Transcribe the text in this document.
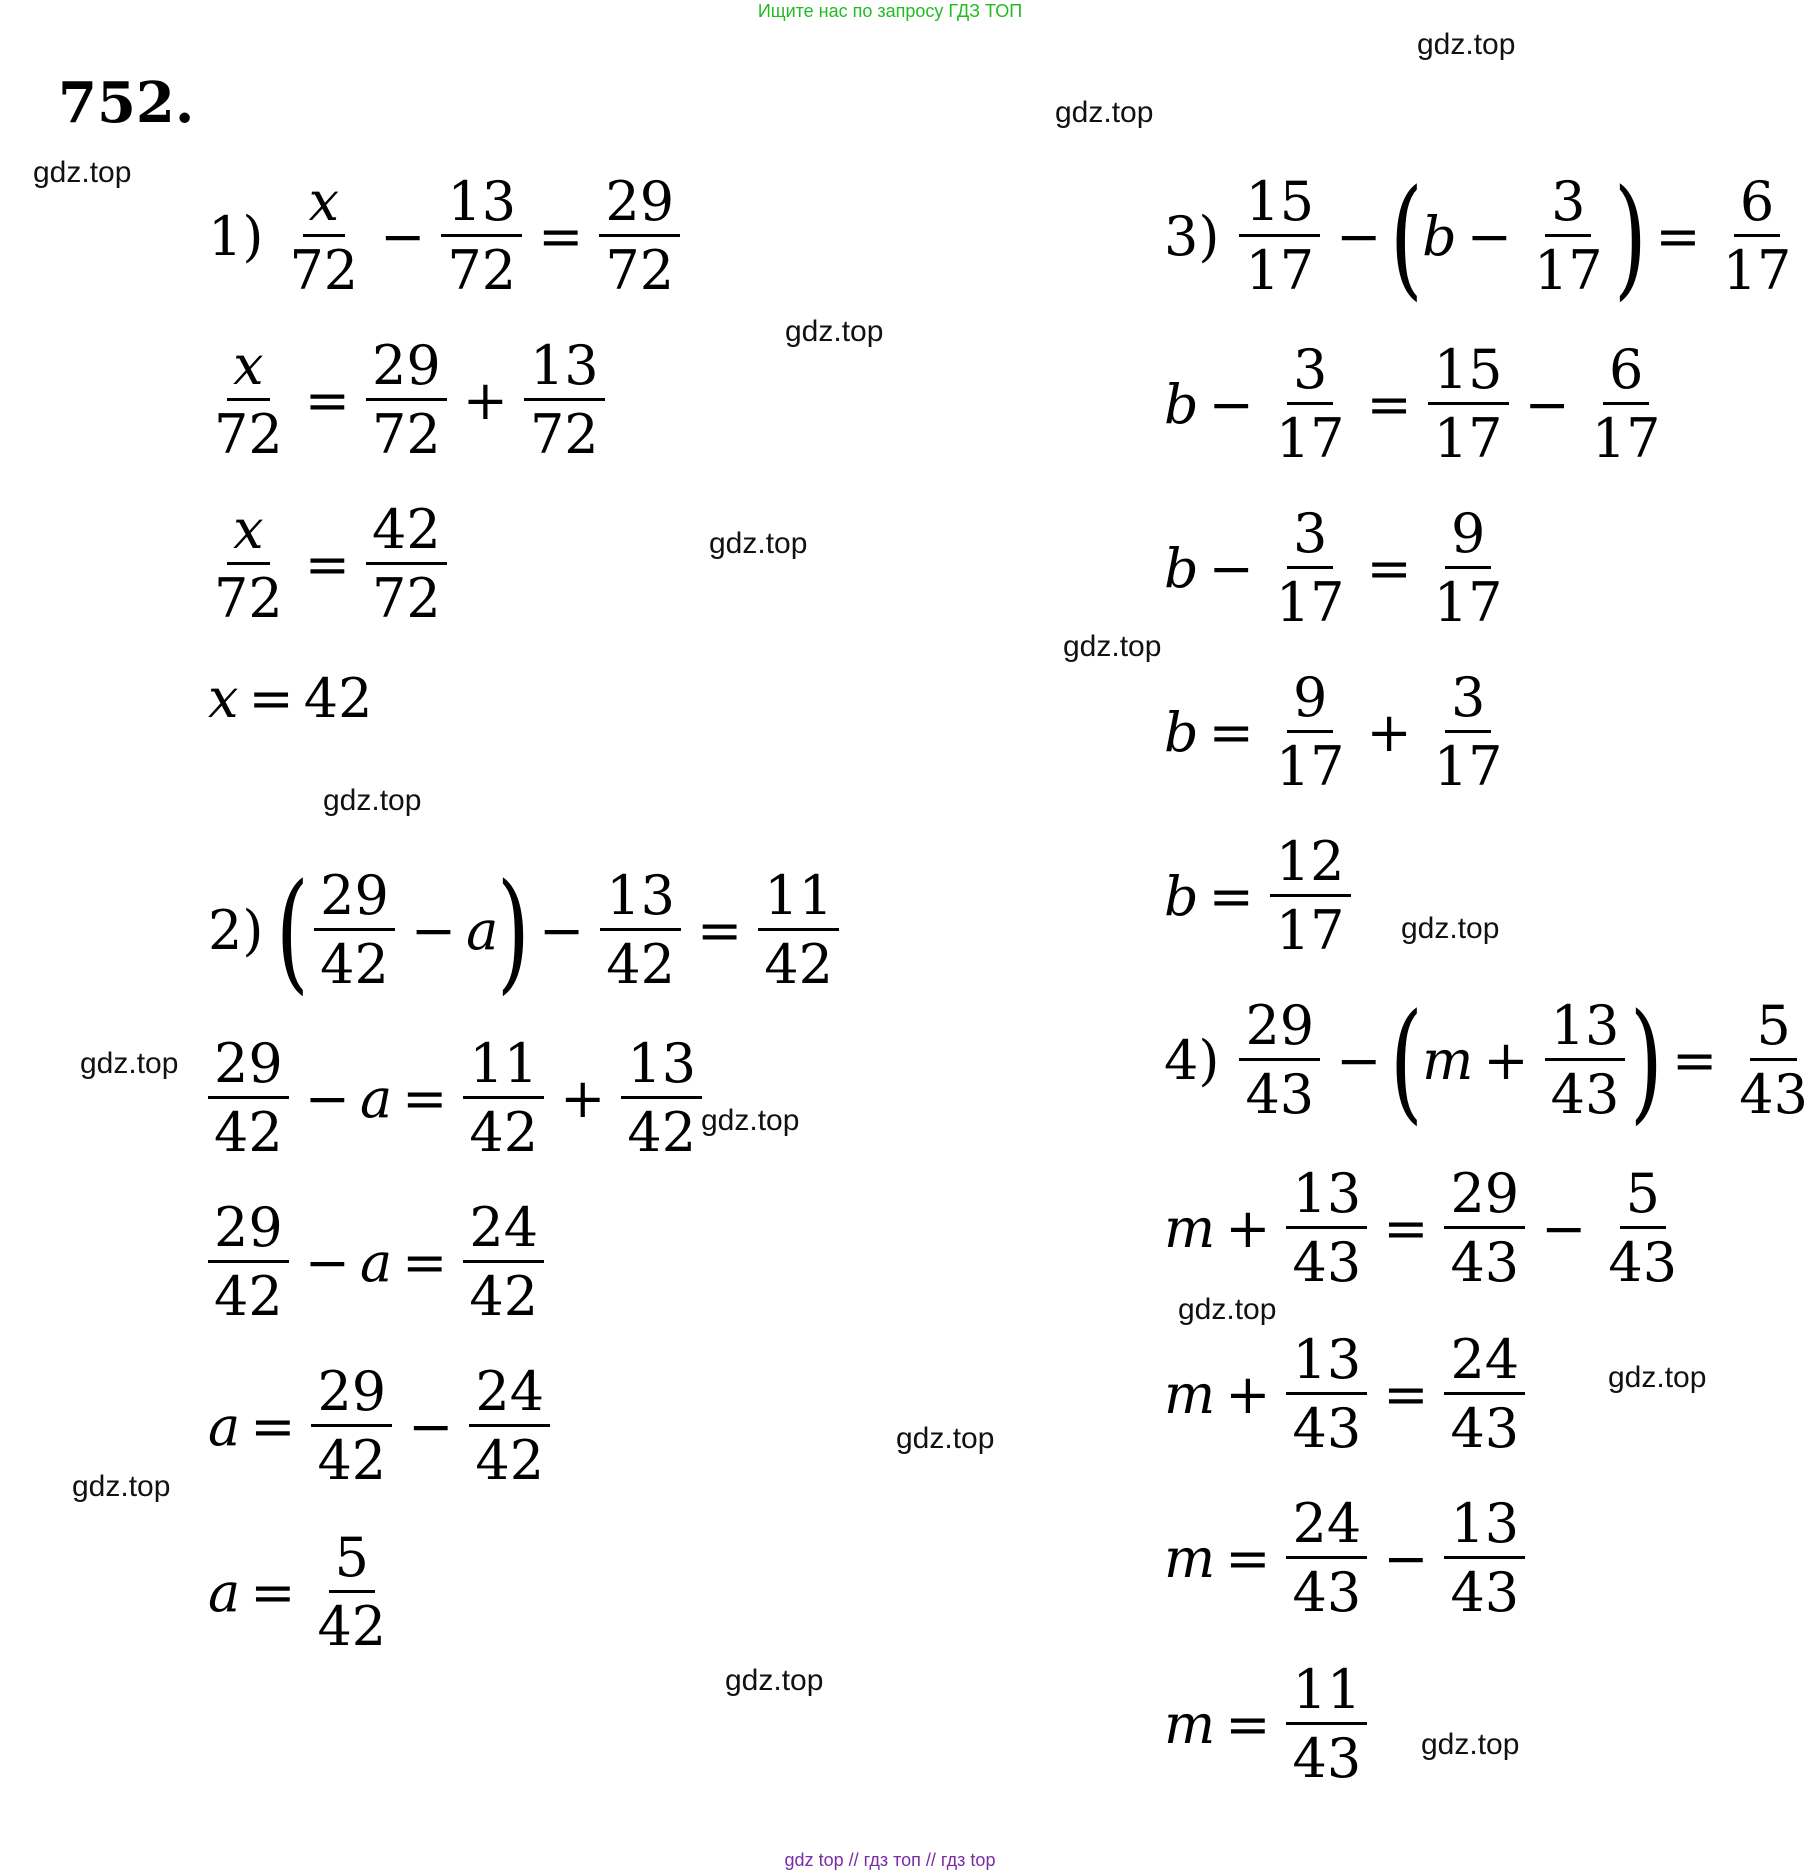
Ищите нас по запросу ГДЗ ТОП
752.
gdz.top
gdz.top
gdz.top
gdz.top
gdz.top
gdz.top
gdz.top
gdz.top
gdz.top
gdz.top
gdz.top
gdz.top
gdz.top
gdz.top
gdz.top
gdz.top
$1) \frac{x}{72} - \frac{13}{72} = \frac{29}{72}$
$\frac{x}{72} = \frac{29}{72} + \frac{13}{72}$
$\frac{x}{72} = \frac{42}{72}$
x = 42
2) ( $\frac{29}{42} - a$
) − $\frac{13}{42} = \frac{11}{42}$
$\frac{29}{42} - a = \frac{11}{42} + \frac{13}{42}$
$\frac{29}{42} - a = \frac{24}{42}$
$a = \frac{29}{42} - \frac{24}{42}$
$a = \frac{5}{42}$
$3) \frac{15}{17}$ − (
$b - \frac{3}{17}$ ) = $\frac{6}{17}$
$b - \frac{3}{17} = \frac{15}{17} - \frac{6}{17}$
$b - \frac{3}{17} = \frac{9}{17}$
$b = \frac{9}{17} + \frac{3}{17}$
$b = \frac{12}{17}$
$4) \frac{29}{43}$ − (
$m + \frac{13}{43}$ ) = $\frac{5}{43}$
$m + \frac{13}{43} = \frac{29}{43} - \frac{5}{43}$
$m + \frac{13}{43} = \frac{24}{43}$
$m = \frac{24}{43} - \frac{13}{43}$
$m = \frac{11}{43}$
gdz top // гдз топ // гдз top
